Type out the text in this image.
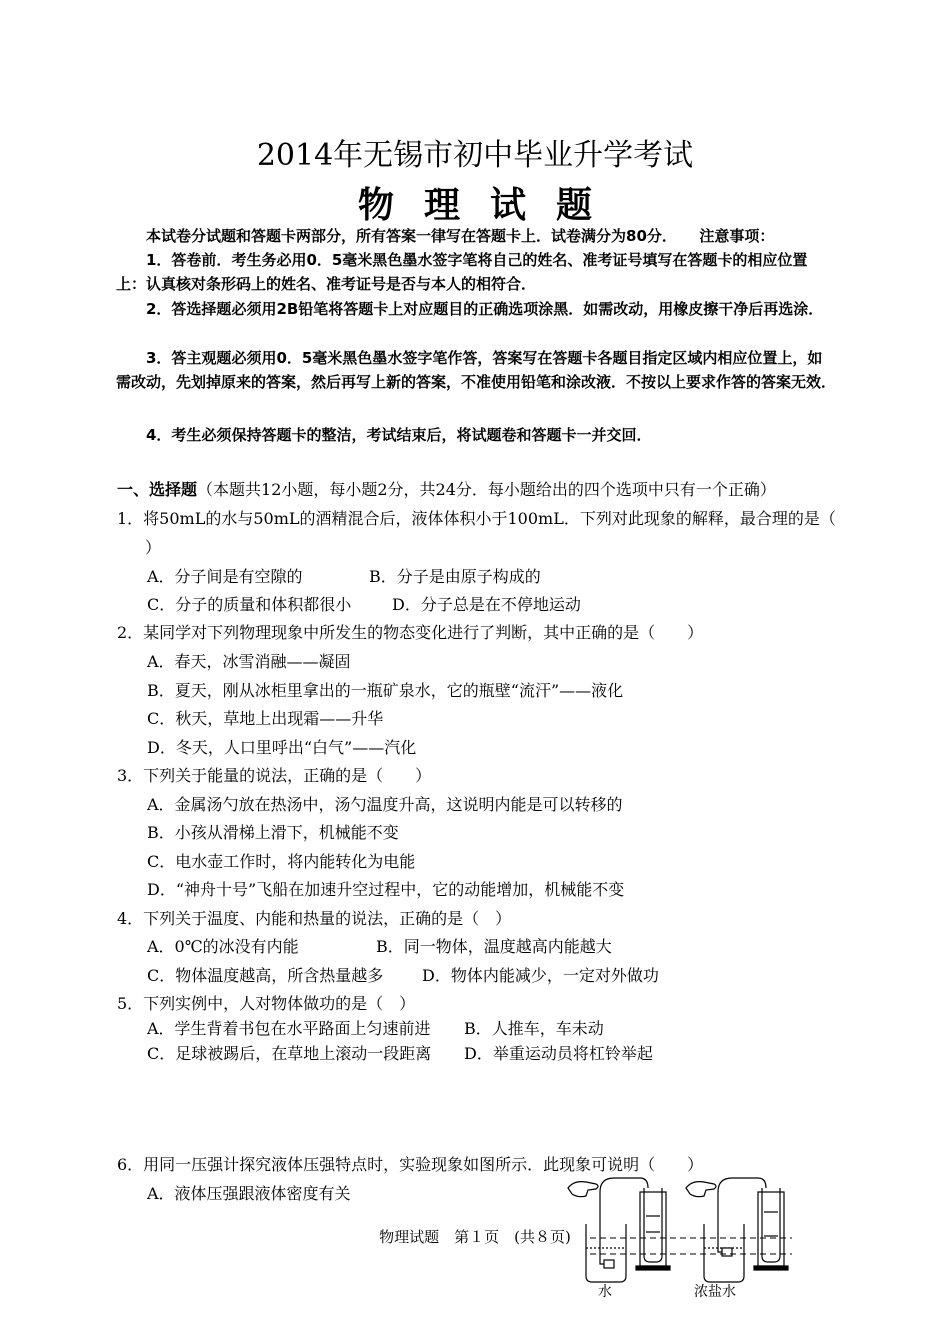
2014年无锡市初中毕业升学考试
物理试题
本试卷分试题和答题卡两部分，所有答案一律写在答题卡上．试卷满分为80分．　　注意事项：
1．答卷前．考生务必用0．5毫米黑色墨水签字笔将自己的姓名、准考证号填写在答题卡的相应位置上：认真核对条形码上的姓名、准考证号是否与本人的相符合．
2．答选择题必须用2B铅笔将答题卡上对应题目的正确选项涂黑．如需改动，用橡皮擦干净后再选涂．
3．答主观题必须用0．5毫米黑色墨水签字笔作答，答案写在答题卡各题目指定区域内相应位置上，如需改动，先划掉原来的答案，然后再写上新的答案，不准使用铅笔和涂改液．不按以上要求作答的答案无效．
4．考生必须保持答题卡的整洁，考试结束后，将试题卷和答题卡一并交回．
一、选择题（本题共12小题，每小题2分，共24分．每小题给出的四个选项中只有一个正确）
1．将50mL的水与50mL的酒精混合后，液体体积小于100mL．下列对此现象的解释，最合理的是（
）
A．分子间是有空隙的	B．分子是由原子构成的
C．分子的质量和体积都很小	D．分子总是在不停地运动
2．某同学对下列物理现象中所发生的物态变化进行了判断，其中正确的是（　　）
A．春天，冰雪消融——凝固
B．夏天，刚从冰柜里拿出的一瓶矿泉水，它的瓶壁“流汗”——液化
C．秋天，草地上出现霜——升华
D．冬天，人口里呼出“白气”——汽化
3．下列关于能量的说法，正确的是（　　）
A．金属汤勺放在热汤中，汤勺温度升高，这说明内能是可以转移的
B．小孩从滑梯上滑下，机械能不变
C．电水壶工作时，将内能转化为电能
D．“神舟十号”飞船在加速升空过程中，它的动能增加，机械能不变
4．下列关于温度、内能和热量的说法，正确的是（　）
A．0℃的冰没有内能	B．同一物体，温度越高内能越大
C．物体温度越高，所含热量越多 D．物体内能减少，一定对外做功
5．下列实例中，人对物体做功的是（　）
A．学生背着书包在水平路面上匀速前进 B．人推车，车未动
C．足球被踢后，在草地上滚动一段距离 D．举重运动员将杠铃举起
6．用同一压强计探究液体压强特点时，实验现象如图所示．此现象可说明（　　）
A．液体压强跟液体密度有关
水	浓盐水
物理试题　第１页　(共８页)
